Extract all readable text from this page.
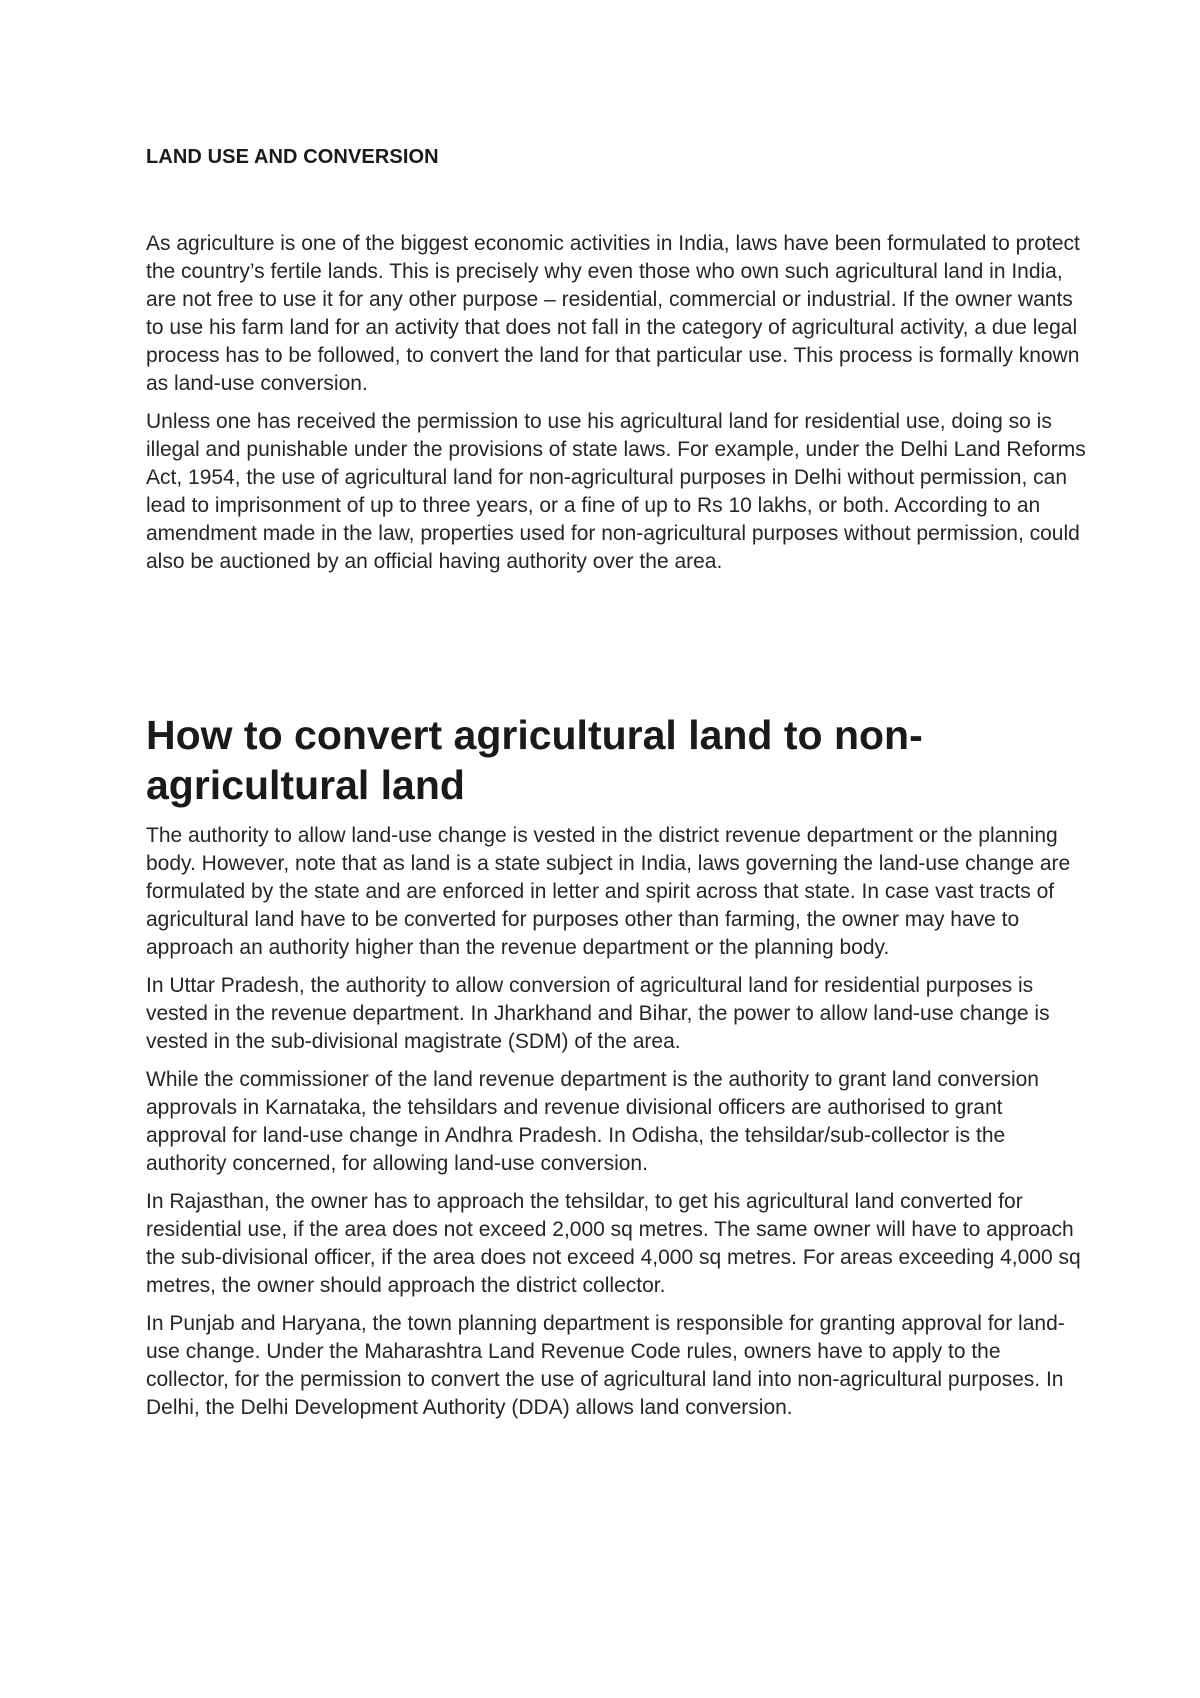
LAND USE AND CONVERSION

As agriculture is one of the biggest economic activities in India, laws have been formulated to protect the country’s fertile lands. This is precisely why even those who own such agricultural land in India, are not free to use it for any other purpose – residential, commercial or industrial. If the owner wants to use his farm land for an activity that does not fall in the category of agricultural activity, a due legal process has to be followed, to convert the land for that particular use. This process is formally known as land-use conversion.

Unless one has received the permission to use his agricultural land for residential use, doing so is illegal and punishable under the provisions of state laws. For example, under the Delhi Land Reforms Act, 1954, the use of agricultural land for non-agricultural purposes in Delhi without permission, can lead to imprisonment of up to three years, or a fine of up to Rs 10 lakhs, or both. According to an amendment made in the law, properties used for non-agricultural purposes without permission, could also be auctioned by an official having authority over the area.

How to convert agricultural land to non-agricultural land

The authority to allow land-use change is vested in the district revenue department or the planning body. However, note that as land is a state subject in India, laws governing the land-use change are formulated by the state and are enforced in letter and spirit across that state. In case vast tracts of agricultural land have to be converted for purposes other than farming, the owner may have to approach an authority higher than the revenue department or the planning body.

In Uttar Pradesh, the authority to allow conversion of agricultural land for residential purposes is vested in the revenue department. In Jharkhand and Bihar, the power to allow land-use change is vested in the sub-divisional magistrate (SDM) of the area.

While the commissioner of the land revenue department is the authority to grant land conversion approvals in Karnataka, the tehsildars and revenue divisional officers are authorised to grant approval for land-use change in Andhra Pradesh. In Odisha, the tehsildar/sub-collector is the authority concerned, for allowing land-use conversion.

In Rajasthan, the owner has to approach the tehsildar, to get his agricultural land converted for residential use, if the area does not exceed 2,000 sq metres. The same owner will have to approach the sub-divisional officer, if the area does not exceed 4,000 sq metres. For areas exceeding 4,000 sq metres, the owner should approach the district collector.

In Punjab and Haryana, the town planning department is responsible for granting approval for land-use change. Under the Maharashtra Land Revenue Code rules, owners have to apply to the collector, for the permission to convert the use of agricultural land into non-agricultural purposes. In Delhi, the Delhi Development Authority (DDA) allows land conversion.
